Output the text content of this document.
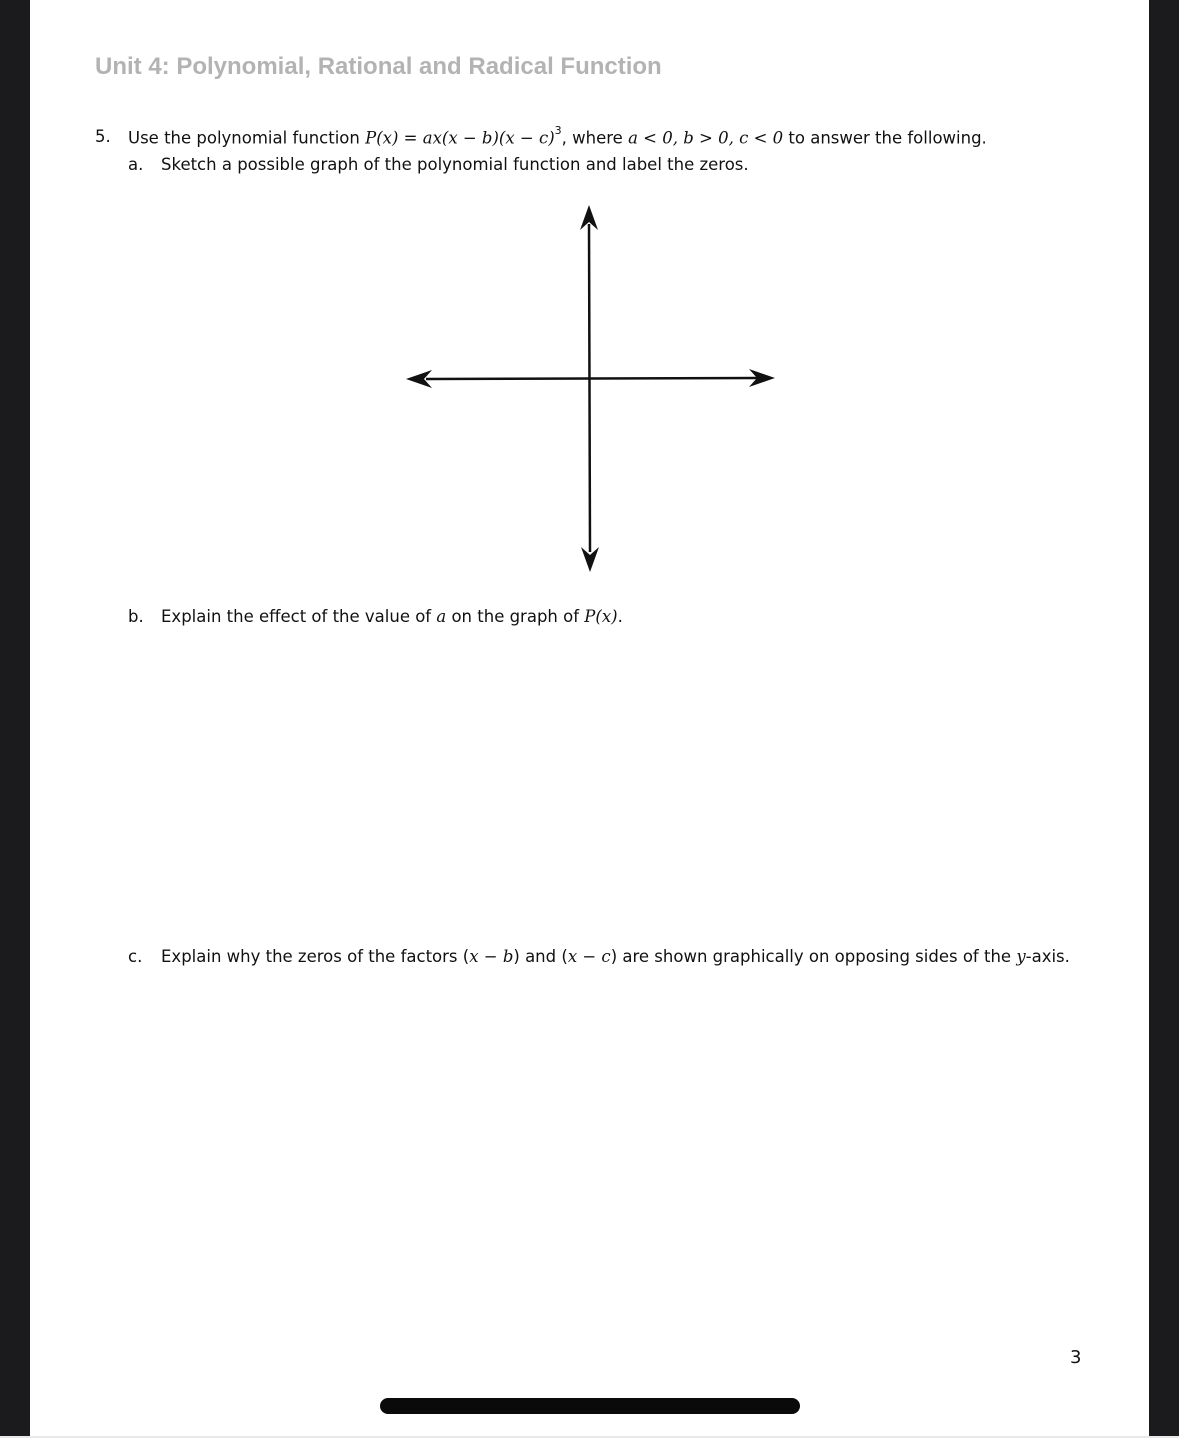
Unit 4: Polynomial, Rational and Radical Function
5. Use the polynomial function $P(x) = ax(x - b)(x - c)^3$, where a < 0, b > 0, c < 0 to answer the following.
a. Sketch a possible graph of the polynomial function and label the zeros.
b. Explain the effect of the value of a on the graph of P(x).
c. Explain why the zeros of the factors (x − b) and (x − c) are shown graphically on opposing sides of the y-axis.
3
